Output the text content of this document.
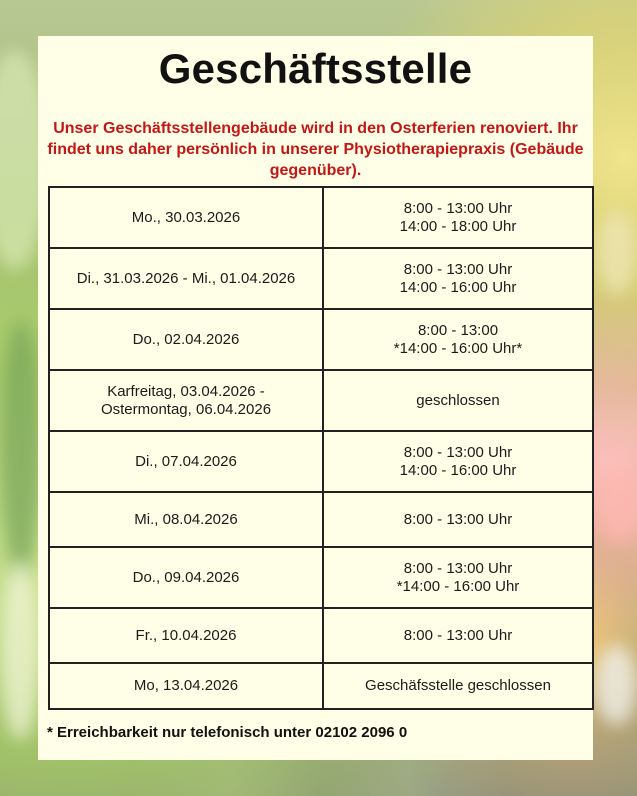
Geschäftsstelle
Unser Geschäftsstellengebäude wird in den Osterferien renoviert. Ihr
findet uns daher persönlich in unserer Physiotherapiepraxis (Gebäude
gegenüber).
Mo., 30.03.2026	8:00 - 13:00 Uhr
14:00 - 18:00 Uhr
Di., 31.03.2026 - Mi., 01.04.2026	8:00 - 13:00 Uhr
14:00 - 16:00 Uhr
Do., 02.04.2026	8:00 - 13:00
*14:00 - 16:00 Uhr*
Karfreitag, 03.04.2026 -
Ostermontag, 06.04.2026	geschlossen
Di., 07.04.2026	8:00 - 13:00 Uhr
14:00 - 16:00 Uhr
Mi., 08.04.2026	8:00 - 13:00 Uhr
Do., 09.04.2026	8:00 - 13:00 Uhr
*14:00 - 16:00 Uhr
Fr., 10.04.2026	8:00 - 13:00 Uhr
Mo, 13.04.2026	Geschäfsstelle geschlossen
* Erreichbarkeit nur telefonisch unter 02102 2096 0
